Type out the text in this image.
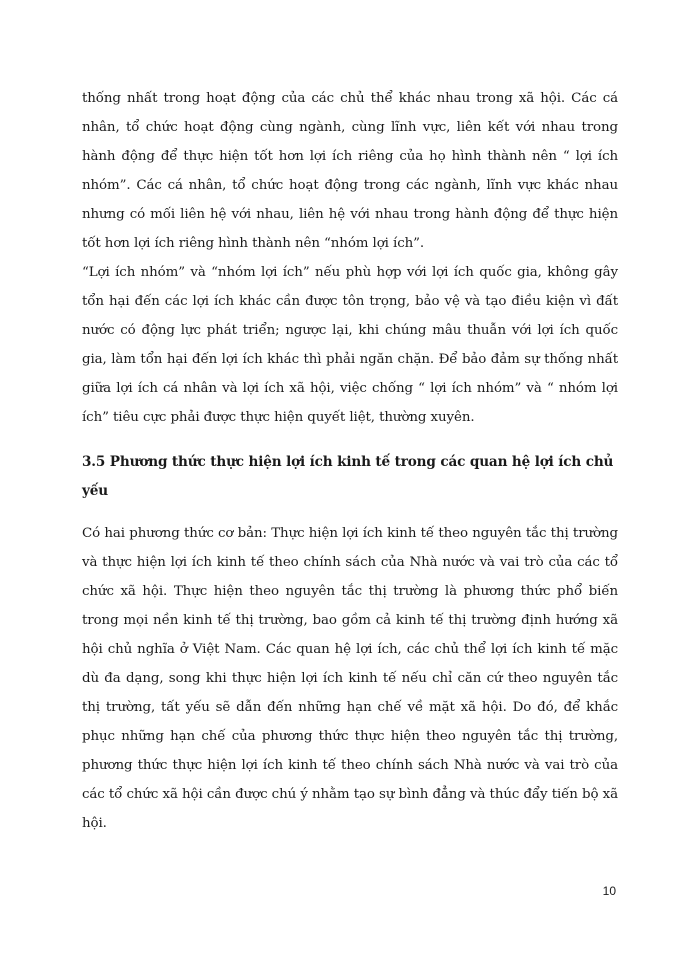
thống nhất trong hoạt động của các chủ thể khác nhau trong xã hội. Các cá nhân, tổ chức hoạt động cùng ngành, cùng lĩnh vực, liên kết với nhau trong hành động để thực hiện tốt hơn lợi ích riêng của họ hình thành nên “ lợi ích nhóm”. Các cá nhân, tổ chức hoạt động trong các ngành, lĩnh vực khác nhau nhưng có mối liên hệ với nhau, liên hệ với nhau trong hành động để thực hiện tốt hơn lợi ích riêng hình thành nên “nhóm lợi ích”.

“Lợi ích nhóm” và “nhóm lợi ích” nếu phù hợp với lợi ích quốc gia, không gây tổn hại đến các lợi ích khác cần được tôn trọng, bảo vệ và tạo điều kiện vì đất nước có động lực phát triển; ngược lại, khi chúng mâu thuẫn với lợi ích quốc gia, làm tổn hại đến lợi ích khác thì phải ngăn chặn. Để bảo đảm sự thống nhất giữa lợi ích cá nhân và lợi ích xã hội, việc chống “ lợi ích nhóm” và “ nhóm lợi ích” tiêu cực phải được thực hiện quyết liệt, thường xuyên.

3.5 Phương thức thực hiện lợi ích kinh tế trong các quan hệ lợi ích chủ yếu

Có hai phương thức cơ bản: Thực hiện lợi ích kinh tế theo nguyên tắc thị trường và thực hiện lợi ích kinh tế theo chính sách của Nhà nước và vai trò của các tổ chức xã hội. Thực hiện theo nguyên tắc thị trường là phương thức phổ biến trong mọi nền kinh tế thị trường, bao gồm cả kinh tế thị trường định hướng xã hội chủ nghĩa ở Việt Nam. Các quan hệ lợi ích, các chủ thể lợi ích kinh tế mặc dù đa dạng, song khi thực hiện lợi ích kinh tế nếu chỉ căn cứ theo nguyên tắc thị trường, tất yếu sẽ dẫn đến những hạn chế về mặt xã hội. Do đó, để khắc phục những hạn chế của phương thức thực hiện theo nguyên tắc thị trường, phương thức thực hiện lợi ích kinh tế theo chính sách Nhà nước và vai trò của các tổ chức xã hội cần được chú ý nhằm tạo sự bình đẳng và thúc đẩy tiến bộ xã hội.

10
